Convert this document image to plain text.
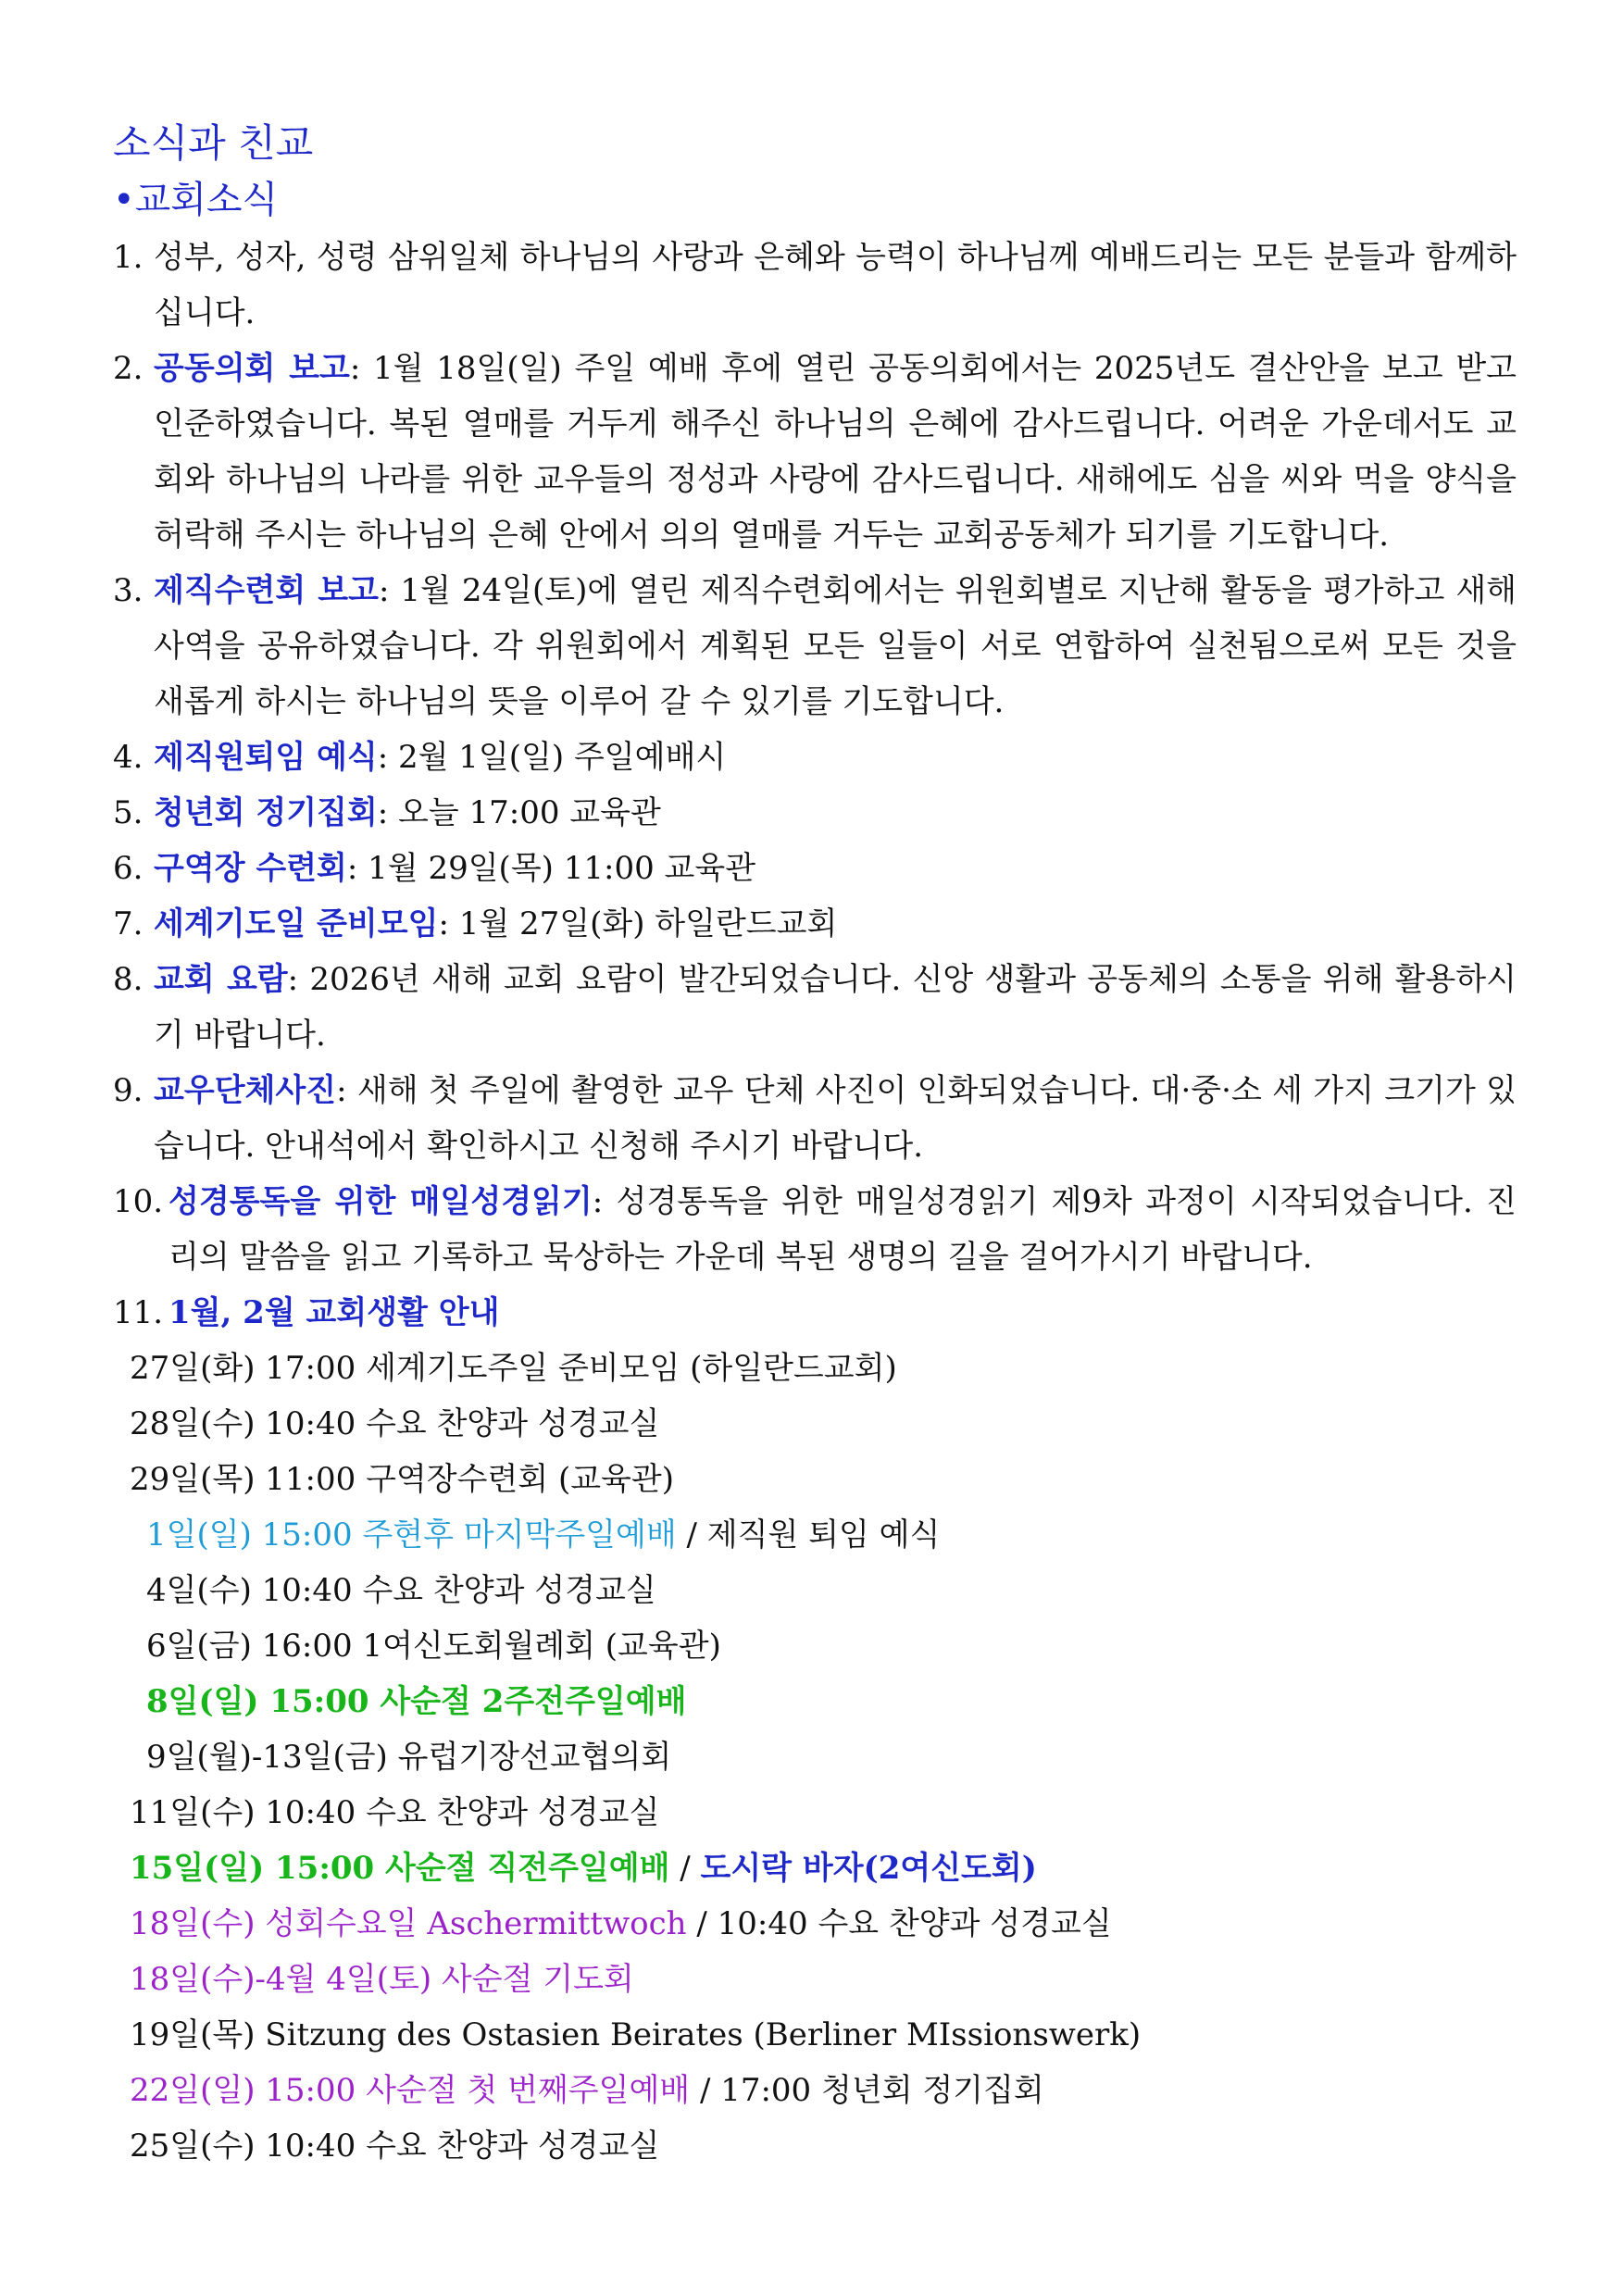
소식과 친교
•교회소식
1. 성부, 성자, 성령 삼위일체 하나님의 사랑과 은혜와 능력이 하나님께 예배드리는 모든 분들과 함께하십니다.
2. 공동의회 보고: 1월 18일(일) 주일 예배 후에 열린 공동의회에서는 2025년도 결산안을 보고 받고 인준하였습니다. 복된 열매를 거두게 해주신 하나님의 은혜에 감사드립니다. 어려운 가운데서도 교회와 하나님의 나라를 위한 교우들의 정성과 사랑에 감사드립니다. 새해에도 심을 씨와 먹을 양식을 허락해 주시는 하나님의 은혜 안에서 의의 열매를 거두는 교회공동체가 되기를 기도합니다.
3. 제직수련회 보고: 1월 24일(토)에 열린 제직수련회에서는 위원회별로 지난해 활동을 평가하고 새해 사역을 공유하였습니다. 각 위원회에서 계획된 모든 일들이 서로 연합하여 실천됨으로써 모든 것을 새롭게 하시는 하나님의 뜻을 이루어 갈 수 있기를 기도합니다.
4. 제직원퇴임 예식: 2월 1일(일) 주일예배시
5. 청년회 정기집회: 오늘 17:00 교육관
6. 구역장 수련회: 1월 29일(목) 11:00 교육관
7. 세계기도일 준비모임: 1월 27일(화) 하일란드교회
8. 교회 요람: 2026년 새해 교회 요람이 발간되었습니다. 신앙 생활과 공동체의 소통을 위해 활용하시기 바랍니다.
9. 교우단체사진: 새해 첫 주일에 촬영한 교우 단체 사진이 인화되었습니다. 대·중·소 세 가지 크기가 있습니다. 안내석에서 확인하시고 신청해 주시기 바랍니다.
10. 성경통독을 위한 매일성경읽기: 성경통독을 위한 매일성경읽기 제9차 과정이 시작되었습니다. 진리의 말씀을 읽고 기록하고 묵상하는 가운데 복된 생명의 길을 걸어가시기 바랍니다.
11. 1월, 2월 교회생활 안내
27일(화) 17:00 세계기도주일 준비모임 (하일란드교회)
28일(수) 10:40 수요 찬양과 성경교실
29일(목) 11:00 구역장수련회 (교육관)
1일(일) 15:00 주현후 마지막주일예배 / 제직원 퇴임 예식
4일(수) 10:40 수요 찬양과 성경교실
6일(금) 16:00 1여신도회월례회 (교육관)
8일(일) 15:00 사순절 2주전주일예배
9일(월)-13일(금) 유럽기장선교협의회
11일(수) 10:40 수요 찬양과 성경교실
15일(일) 15:00 사순절 직전주일예배 / 도시락 바자(2여신도회)
18일(수) 성회수요일 Aschermittwoch / 10:40 수요 찬양과 성경교실
18일(수)-4월 4일(토) 사순절 기도회
19일(목) Sitzung des Ostasien Beirates (Berliner MIssionswerk)
22일(일) 15:00 사순절 첫 번째주일예배 / 17:00 청년회 정기집회
25일(수) 10:40 수요 찬양과 성경교실
